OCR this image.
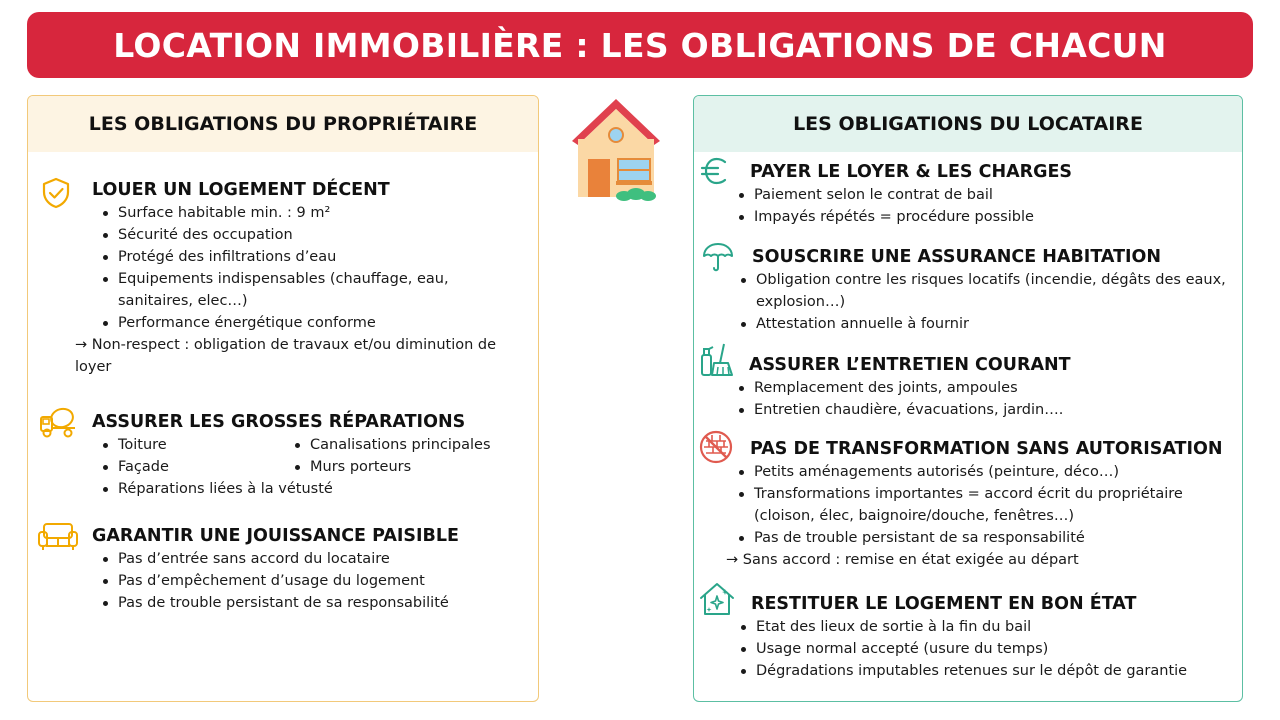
LOCATION IMMOBILIÈRE : LES OBLIGATIONS DE CHACUN
LES OBLIGATIONS DU PROPRIÉTAIRE
LOUER UN LOGEMENT DÉCENT
Surface habitable min. : 9 m²
Sécurité des occupation
Protégé des infiltrations d’eau
Equipements indispensables (chauffage, eau, sanitaires, elec…)
Performance énergétique conforme
→ Non-respect : obligation de travaux et/ou diminution de loyer
ASSURER LES GROSSES RÉPARATIONS
Toiture
Façade
Réparations liées à la vétusté
Canalisations principales
Murs porteurs
GARANTIR UNE JOUISSANCE PAISIBLE
Pas d’entrée sans accord du locataire
Pas d’empêchement d’usage du logement
Pas de trouble persistant de sa responsabilité
LES OBLIGATIONS DU LOCATAIRE
PAYER LE LOYER & LES CHARGES
Paiement selon le contrat de bail
Impayés répétés = procédure possible
SOUSCRIRE UNE ASSURANCE HABITATION
Obligation contre les risques locatifs (incendie, dégâts des eaux, explosion…)
Attestation annuelle à fournir
ASSURER L’ENTRETIEN COURANT
Remplacement des joints, ampoules
Entretien chaudière, évacuations, jardin….
PAS DE TRANSFORMATION SANS AUTORISATION
Petits aménagements autorisés (peinture, déco…)
Transformations importantes = accord écrit du propriétaire (cloison, élec, baignoire/douche, fenêtres…)
Pas de trouble persistant de sa responsabilité
→ Sans accord : remise en état exigée au départ
RESTITUER LE LOGEMENT EN BON ÉTAT
Etat des lieux de sortie à la fin du bail
Usage normal accepté (usure du temps)
Dégradations imputables retenues sur le dépôt de garantie
